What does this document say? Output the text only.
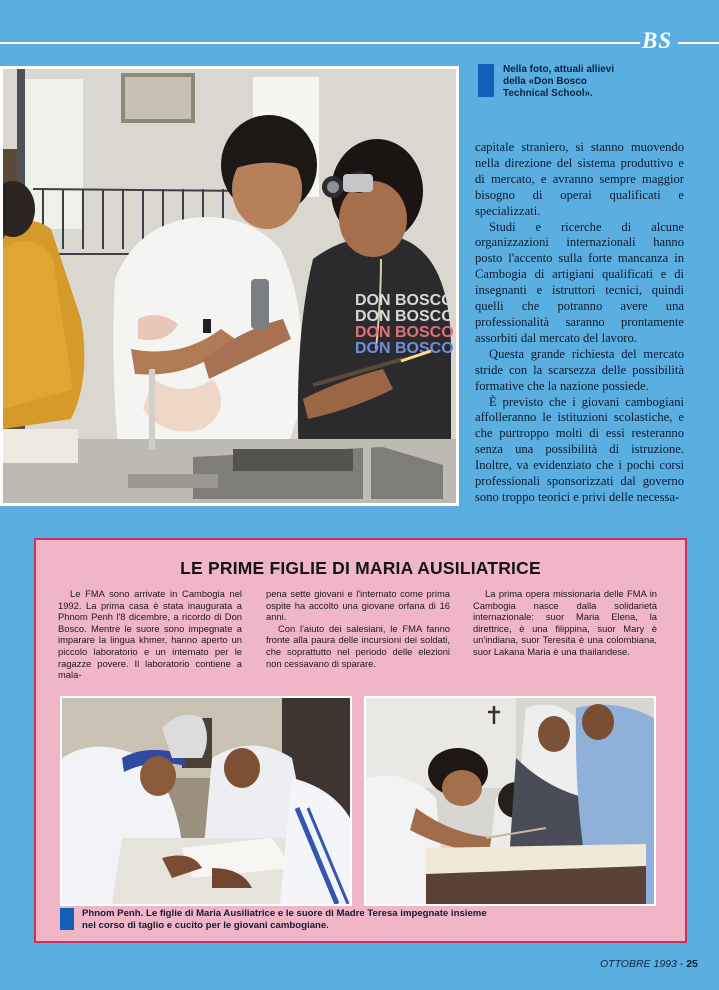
BS
DON BOSCO
DON BOSCO
DON BOSCO
DON BOSCO
Nella foto, attuali allievi
della «Don Bosco
Technical School».

capitale straniero, si stanno muovendo nella direzione del sistema produttivo e di mercato, e avranno sempre maggior bisogno di operai qualificati e specializzati.

Studi e ricerche di alcune organizzazioni internazionali hanno posto l'accento sulla forte mancanza in Cambogia di artigiani qualificati e di insegnanti e istruttori tecnici, quindi quelli che potranno avere una professionalità saranno prontamente assorbiti dal mercato del lavoro.

Questa grande richiesta del mercato stride con la scarsezza delle possibilità formative che la nazione possiede.

È previsto che i giovani cambogiani affolleranno le istituzioni scolastiche, e che purtroppo molti di essi resteranno senza una possibilità di istruzione. Inoltre, va evidenziato che i pochi corsi professionali sponsorizzati dal governo sono troppo teorici e privi delle necessa-

LE PRIME FIGLIE DI MARIA AUSILIATRICE

Le FMA sono arrivate in Cambogia nel 1992. La prima casa è stata inaugurata a Phnom Penh l'8 dicembre, a ricordo di Don Bosco. Mentre le suore sono impegnate a imparare la lingua khmer, hanno aperto un piccolo laboratorio e un internato per le ragazze povere. Il laboratorio contiene a mala-

pena sette giovani e l'internato come prima ospite ha accolto una giovane orfana di 16 anni.

Con l'aiuto dei salesiani, le FMA fanno fronte alla paura delle incursioni dei soldati, che soprattutto nel periodo delle elezioni non cessavano di sparare.

La prima opera missionaria delle FMA in Cambogia nasce dalla solidarietà internazionale: suor Maria Elena, la direttrice, è una filippina, suor Mary è un'indiana, suor Teresita è una colombiana, suor Lakana Maria è una thailandese.

Phnom Penh. Le figlie di Maria Ausiliatrice e le suore di Madre Teresa impegnate insieme
nel corso di taglio e cucito per le giovani cambogiane.
OTTOBRE 1993 - 25
